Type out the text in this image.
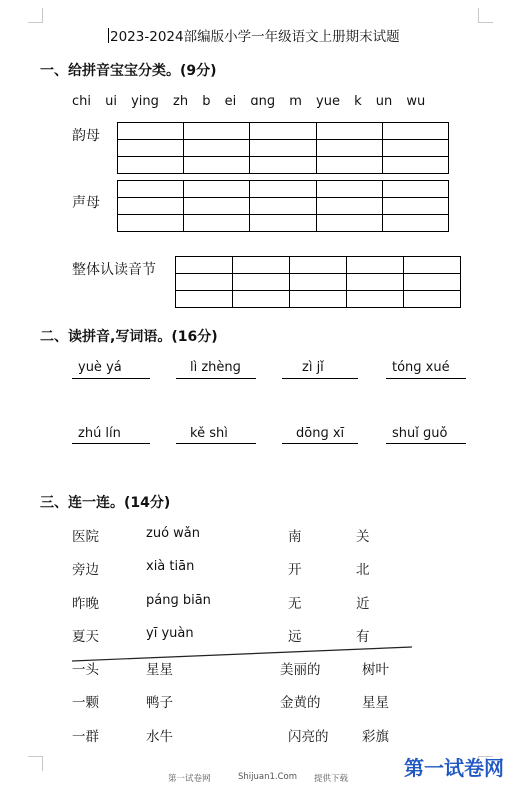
2023-2024部编版小学一年级语文上册期末试题
一、给拼音宝宝分类。(9分)
chi ui ying zh b ei ɑnɡ m yue k un wu
韵母

声母

整体认读音节

二、读拼音,写词语。(16分)
yuè yá	lì zhènɡ	zì jǐ	tónɡ xué
zhú lín	kě shì	dōnɡ xī	shuǐ ɡuǒ
三、连一连。(14分)
医院	zuó wǎn	南	关
旁边	xià tiān	开	北
昨晚	pánɡ biān	无	近
夏天	yī yuàn	远	有
一头	星星	美丽的	树叶
一颗	鸭子	金黄的	星星
一群	水牛	闪亮的 彩旗
第一试卷网	Shijuan1.Com 提供下载	第一试卷网
